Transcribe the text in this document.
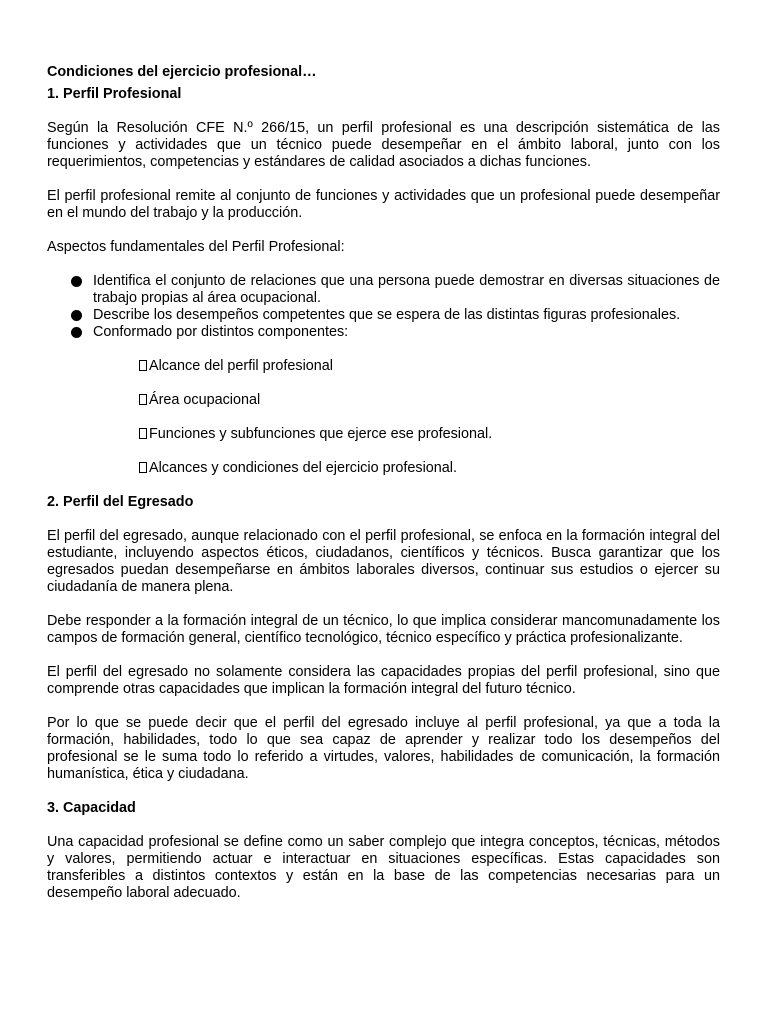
Condiciones del ejercicio profesional…
1. Perfil Profesional

Según la Resolución CFE N.º 266/15, un perfil profesional es una descripción sistemática de las funciones y actividades que un técnico puede desempeñar en el ámbito laboral, junto con los requerimientos, competencias y estándares de calidad asociados a dichas funciones.

El perfil profesional remite al conjunto de funciones y actividades que un profesional puede desempeñar en el mundo del trabajo y la producción.

Aspectos fundamentales del Perfil Profesional:

Identifica el conjunto de relaciones que una persona puede demostrar en diversas situaciones de trabajo propias al área ocupacional.
Describe los desempeños competentes que se espera de las distintas figuras profesionales.
Conformado por distintos componentes:
Alcance del perfil profesional
Área ocupacional
Funciones y subfunciones que ejerce ese profesional.
Alcances y condiciones del ejercicio profesional.
2. Perfil del Egresado

El perfil del egresado, aunque relacionado con el perfil profesional, se enfoca en la formación integral del estudiante, incluyendo aspectos éticos, ciudadanos, científicos y técnicos. Busca garantizar que los egresados puedan desempeñarse en ámbitos laborales diversos, continuar sus estudios o ejercer su ciudadanía de manera plena.

Debe responder a la formación integral de un técnico, lo que implica considerar mancomunadamente los campos de formación general, científico tecnológico, técnico específico y práctica profesionalizante.

El perfil del egresado no solamente considera las capacidades propias del perfil profesional, sino que comprende otras capacidades que implican la formación integral del futuro técnico.

Por lo que se puede decir que el perfil del egresado incluye al perfil profesional, ya que a toda la formación, habilidades, todo lo que sea capaz de aprender y realizar todo los desempeños del profesional se le suma todo lo referido a virtudes, valores, habilidades de comunicación, la formación humanística, ética y ciudadana.

3. Capacidad

Una capacidad profesional se define como un saber complejo que integra conceptos, técnicas, métodos y valores, permitiendo actuar e interactuar en situaciones específicas. Estas capacidades son transferibles a distintos contextos y están en la base de las competencias necesarias para un desempeño laboral adecuado.
